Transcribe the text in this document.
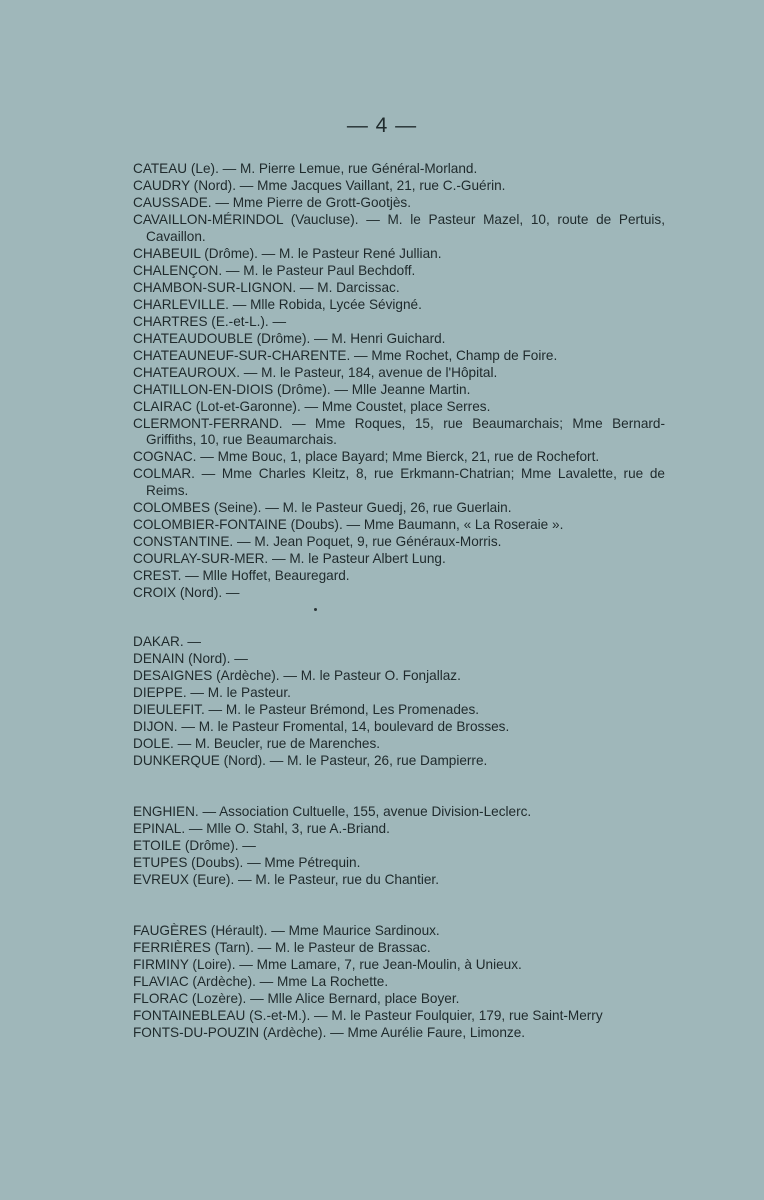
— 4 —

CATEAU (Le). — M. Pierre Lemue, rue Général-Morland.

CAUDRY (Nord). — Mme Jacques Vaillant, 21, rue C.-Guérin.

CAUSSADE. — Mme Pierre de Grott-Gootjès.

CAVAILLON-MÉRINDOL (Vaucluse). — M. le Pasteur Mazel, 10, route de Pertuis, Cavaillon.

CHABEUIL (Drôme). — M. le Pasteur René Jullian.

CHALENÇON. — M. le Pasteur Paul Bechdoff.

CHAMBON-SUR-LIGNON. — M. Darcissac.

CHARLEVILLE. — Mlle Robida, Lycée Sévigné.

CHARTRES (E.-et-L.). —

CHATEAUDOUBLE (Drôme). — M. Henri Guichard.

CHATEAUNEUF-SUR-CHARENTE. — Mme Rochet, Champ de Foire.

CHATEAUROUX. — M. le Pasteur, 184, avenue de l'Hôpital.

CHATILLON-EN-DIOIS (Drôme). — Mlle Jeanne Martin.

CLAIRAC (Lot-et-Garonne). — Mme Coustet, place Serres.

CLERMONT-FERRAND. — Mme Roques, 15, rue Beaumarchais; Mme Bernard-Griffiths, 10, rue Beaumarchais.

COGNAC. — Mme Bouc, 1, place Bayard; Mme Bierck, 21, rue de Rochefort.

COLMAR. — Mme Charles Kleitz, 8, rue Erkmann-Chatrian; Mme Lavalette, rue de Reims.

COLOMBES (Seine). — M. le Pasteur Guedj, 26, rue Guerlain.

COLOMBIER-FONTAINE (Doubs). — Mme Baumann, « La Roseraie ».

CONSTANTINE. — M. Jean Poquet, 9, rue Généraux-Morris.

COURLAY-SUR-MER. — M. le Pasteur Albert Lung.

CREST. — Mlle Hoffet, Beauregard.

CROIX (Nord). —

DAKAR. —

DENAIN (Nord). —

DESAIGNES (Ardèche). — M. le Pasteur O. Fonjallaz.

DIEPPE. — M. le Pasteur.

DIEULEFIT. — M. le Pasteur Brémond, Les Promenades.

DIJON. — M. le Pasteur Fromental, 14, boulevard de Brosses.

DOLE. — M. Beucler, rue de Marenches.

DUNKERQUE (Nord). — M. le Pasteur, 26, rue Dampierre.

ENGHIEN. — Association Cultuelle, 155, avenue Division-Leclerc.

EPINAL. — Mlle O. Stahl, 3, rue A.-Briand.

ETOILE (Drôme). —

ETUPES (Doubs). — Mme Pétrequin.

EVREUX (Eure). — M. le Pasteur, rue du Chantier.

FAUGÈRES (Hérault). — Mme Maurice Sardinoux.

FERRIÈRES (Tarn). — M. le Pasteur de Brassac.

FIRMINY (Loire). — Mme Lamare, 7, rue Jean-Moulin, à Unieux.

FLAVIAC (Ardèche). — Mme La Rochette.

FLORAC (Lozère). — Mlle Alice Bernard, place Boyer.

FONTAINEBLEAU (S.-et-M.). — M. le Pasteur Foulquier, 179, rue Saint-Merry

FONTS-DU-POUZIN (Ardèche). — Mme Aurélie Faure, Limonze.
